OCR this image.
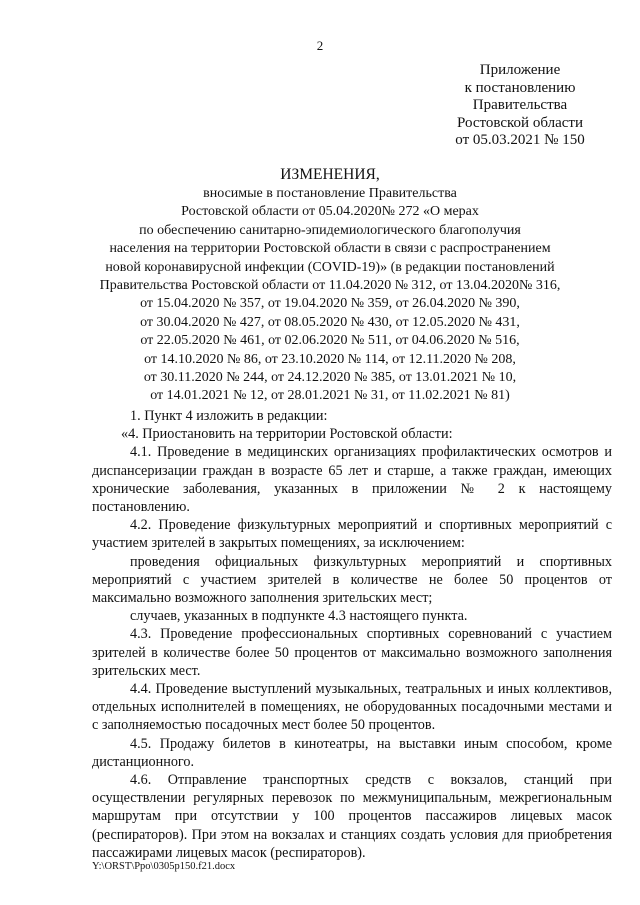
2
Приложение
к постановлению
Правительства
Ростовской области
от 05.03.2021 № 150
ИЗМЕНЕНИЯ,
вносимые в постановление Правительства
Ростовской области от 05.04.2020№ 272 «О мерах
по обеспечению санитарно-эпидемиологического благополучия
населения на территории Ростовской области в связи с распространением
новой коронавирусной инфекции (COVID-19)» (в редакции постановлений
Правительства Ростовской области от 11.04.2020 № 312, от 13.04.2020№ 316,
от 15.04.2020 № 357, от 19.04.2020 № 359, от 26.04.2020 № 390,
от 30.04.2020 № 427, от 08.05.2020 № 430, от 12.05.2020 № 431,
от 22.05.2020 № 461, от 02.06.2020 № 511, от 04.06.2020 № 516,
от 14.10.2020 № 86, от 23.10.2020 № 114, от 12.11.2020 № 208,
от 30.11.2020 № 244, от 24.12.2020 № 385, от 13.01.2021 № 10,
от 14.01.2021 № 12, от 28.01.2021 № 31, от 11.02.2021 № 81)
1. Пункт 4 изложить в редакции:
«4. Приостановить на территории Ростовской области:
4.1. Проведение в медицинских организациях профилактических осмотров и диспансеризации граждан в возрасте 65 лет и старше, а также граждан, имеющих хронические заболевания, указанных в приложении № 2 к настоящему постановлению.
4.2. Проведение физкультурных мероприятий и спортивных мероприятий с участием зрителей в закрытых помещениях, за исключением:
проведения официальных физкультурных мероприятий и спортивных мероприятий с участием зрителей в количестве не более 50 процентов от максимально возможного заполнения зрительских мест;
случаев, указанных в подпункте 4.3 настоящего пункта.
4.3. Проведение профессиональных спортивных соревнований с участием зрителей в количестве более 50 процентов от максимально возможного заполнения зрительских мест.
4.4. Проведение выступлений музыкальных, театральных и иных коллективов, отдельных исполнителей в помещениях, не оборудованных посадочными местами и с заполняемостью посадочных мест более 50 процентов.
4.5. Продажу билетов в кинотеатры, на выставки иным способом, кроме дистанционного.
4.6. Отправление транспортных средств с вокзалов, станций при осуществлении регулярных перевозок по межмуниципальным, межрегиональным маршрутам при отсутствии у 100 процентов пассажиров лицевых масок (респираторов). При этом на вокзалах и станциях создать условия для приобретения пассажирами лицевых масок (респираторов).
Y:\ORST\Ppo\0305p150.f21.docx
